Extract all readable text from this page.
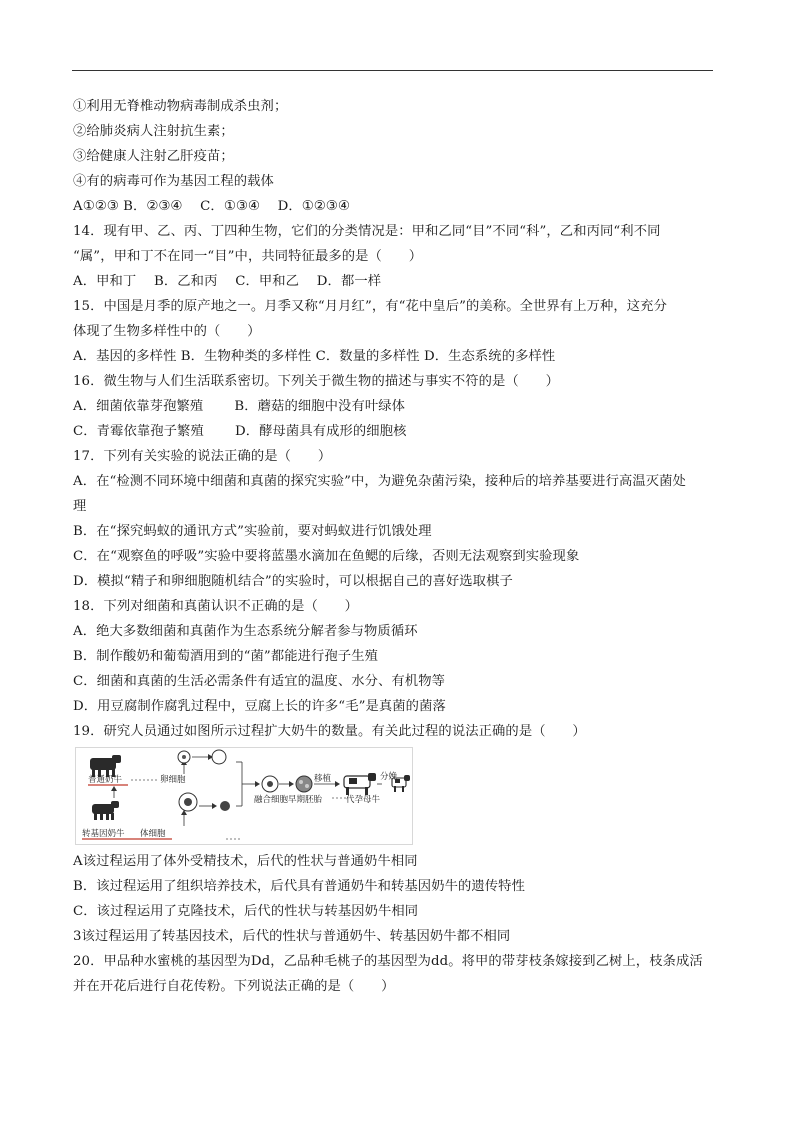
①利用无脊椎动物病毒制成杀虫剂；
②给肺炎病人注射抗生素；
③给健康人注射乙肝疫苗；
④有的病毒可作为基因工程的载体
A①②③ B．②③④　 C．①③④　 D．①②③④
14．现有甲、乙、丙、丁四种生物，它们的分类情况是：甲和乙同“目”不同“科”，乙和丙同“利不同
“属”，甲和丁不在同一“目”中，共同特征最多的是（　　）
A．甲和丁　 B．乙和丙　 C．甲和乙　 D．都一样
15．中国是月季的原产地之一。月季又称“月月红”，有“花中皇后”的美称。全世界有上万种，这充分
体现了生物多样性中的（　　）
A．基因的多样性 B．生物种类的多样性 C．数量的多样性 D．生态系统的多样性
16．微生物与人们生活联系密切。下列关于微生物的描述与事实不符的是（　　）
A．细菌依靠芽孢繁殖　　 B．蘑菇的细胞中没有叶绿体
C．青霉依靠孢子繁殖　　 D．酵母菌具有成形的细胞核
17．下列有关实验的说法正确的是（　　）
A．在“检测不同环境中细菌和真菌的探究实验”中，为避免杂菌污染，接种后的培养基要进行高温灭菌处
理
B．在“探究蚂蚁的通讯方式”实验前，要对蚂蚁进行饥饿处理
C．在“观察鱼的呼吸”实验中要将蓝墨水滴加在鱼鳃的后缘，否则无法观察到实验现象
D．模拟“精子和卵细胞随机结合”的实验时，可以根据自己的喜好选取棋子
18．下列对细菌和真菌认识不正确的是（　　）
A．绝大多数细菌和真菌作为生态系统分解者参与物质循环
B．制作酸奶和葡萄酒用到的“菌”都能进行孢子生殖
C．细菌和真菌的生活必需条件有适宜的温度、水分、有机物等
D．用豆腐制作腐乳过程中，豆腐上长的许多“毛”是真菌的菌落
19．研究人员通过如图所示过程扩大奶牛的数量。有关此过程的说法正确的是（　　）
普通奶牛	卵细胞
转基因奶牛 体细胞
移植
融合细胞早期胚胎	代孕母牛
分娩
A该过程运用了体外受精技术，后代的性状与普通奶牛相同
B．该过程运用了组织培养技术，后代具有普通奶牛和转基因奶牛的遗传特性
C．该过程运用了克隆技术，后代的性状与转基因奶牛相同
3该过程运用了转基因技术，后代的性状与普通奶牛、转基因奶牛都不相同
20．甲品种水蜜桃的基因型为Dd，乙品种毛桃子的基因型为dd。将甲的带芽枝条嫁接到乙树上，枝条成活
并在开花后进行自花传粉。下列说法正确的是（　　）
